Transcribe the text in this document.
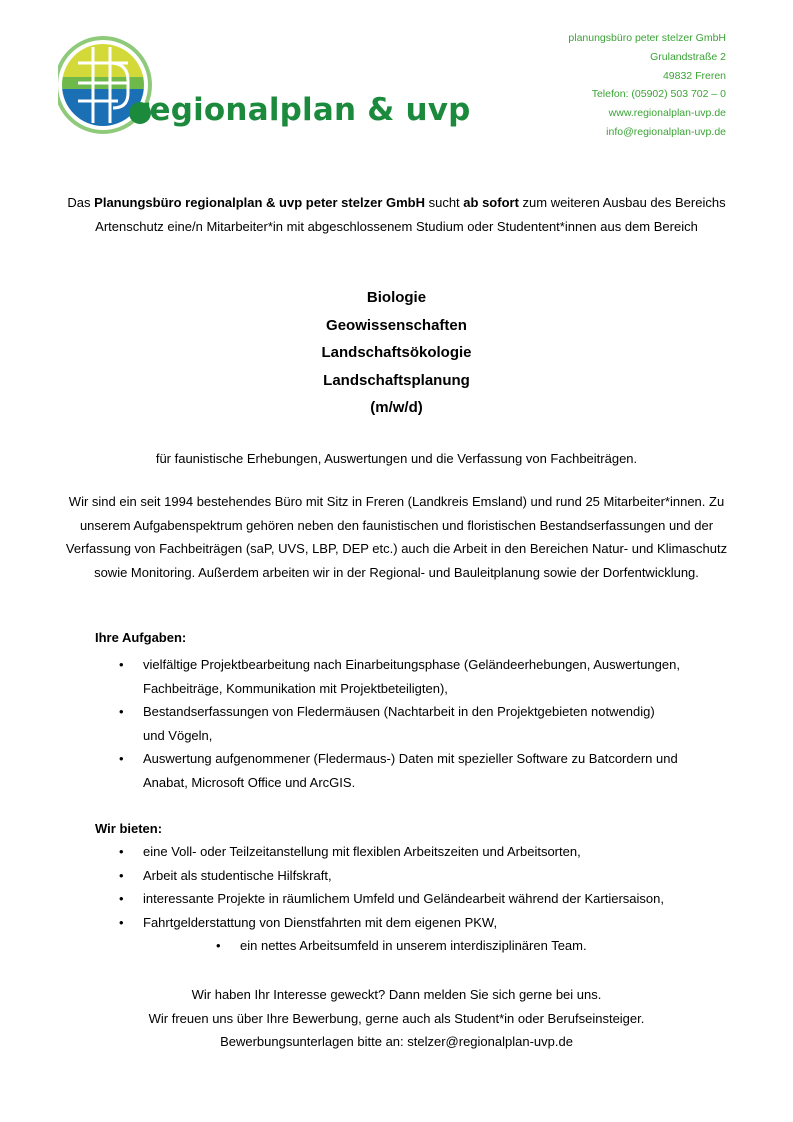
regionalplan & uvp
planungsbüro peter stelzer GmbH
Grulandstraße 2
49832 Freren
Telefon: (05902) 503 702 – 0
www.regionalplan-uvp.de
info@regionalplan-uvp.de
Das Planungsbüro regionalplan & uvp peter stelzer GmbH sucht ab sofort zum weiteren Ausbau des Bereichs Artenschutz eine/n Mitarbeiter*in mit abgeschlossenem Studium oder Studentent*innen aus dem Bereich
Biologie
Geowissenschaften
Landschaftsökologie
Landschaftsplanung
(m/w/d)
für faunistische Erhebungen, Auswertungen und die Verfassung von Fachbeiträgen.
Wir sind ein seit 1994 bestehendes Büro mit Sitz in Freren (Landkreis Emsland) und rund 25 Mitarbeiter*innen. Zu unserem Aufgabenspektrum gehören neben den faunistischen und floristischen Bestandserfassungen und der Verfassung von Fachbeiträgen (saP, UVS, LBP, DEP etc.) auch die Arbeit in den Bereichen Natur- und Klimaschutz sowie Monitoring. Außerdem arbeiten wir in der Regional- und Bauleitplanung sowie der Dorfentwicklung.
Ihre Aufgaben:
• vielfältige Projektbearbeitung nach Einarbeitungsphase (Geländeerhebungen, Auswertungen,
Fachbeiträge, Kommunikation mit Projektbeteiligten),
• Bestandserfassungen von Fledermäusen (Nachtarbeit in den Projektgebieten notwendig)
und Vögeln,
• Auswertung aufgenommener (Fledermaus-) Daten mit spezieller Software zu Batcordern und
Anabat, Microsoft Office und ArcGIS.
Wir bieten:
• eine Voll- oder Teilzeitanstellung mit flexiblen Arbeitszeiten und Arbeitsorten,
• Arbeit als studentische Hilfskraft,
• interessante Projekte in räumlichem Umfeld und Geländearbeit während der Kartiersaison,
• Fahrtgelderstattung von Dienstfahrten mit dem eigenen PKW,
• ein nettes Arbeitsumfeld in unserem interdisziplinären Team.
Wir haben Ihr Interesse geweckt? Dann melden Sie sich gerne bei uns.
Wir freuen uns über Ihre Bewerbung, gerne auch als Student*in oder Berufseinsteiger.
Bewerbungsunterlagen bitte an: stelzer@regionalplan-uvp.de
